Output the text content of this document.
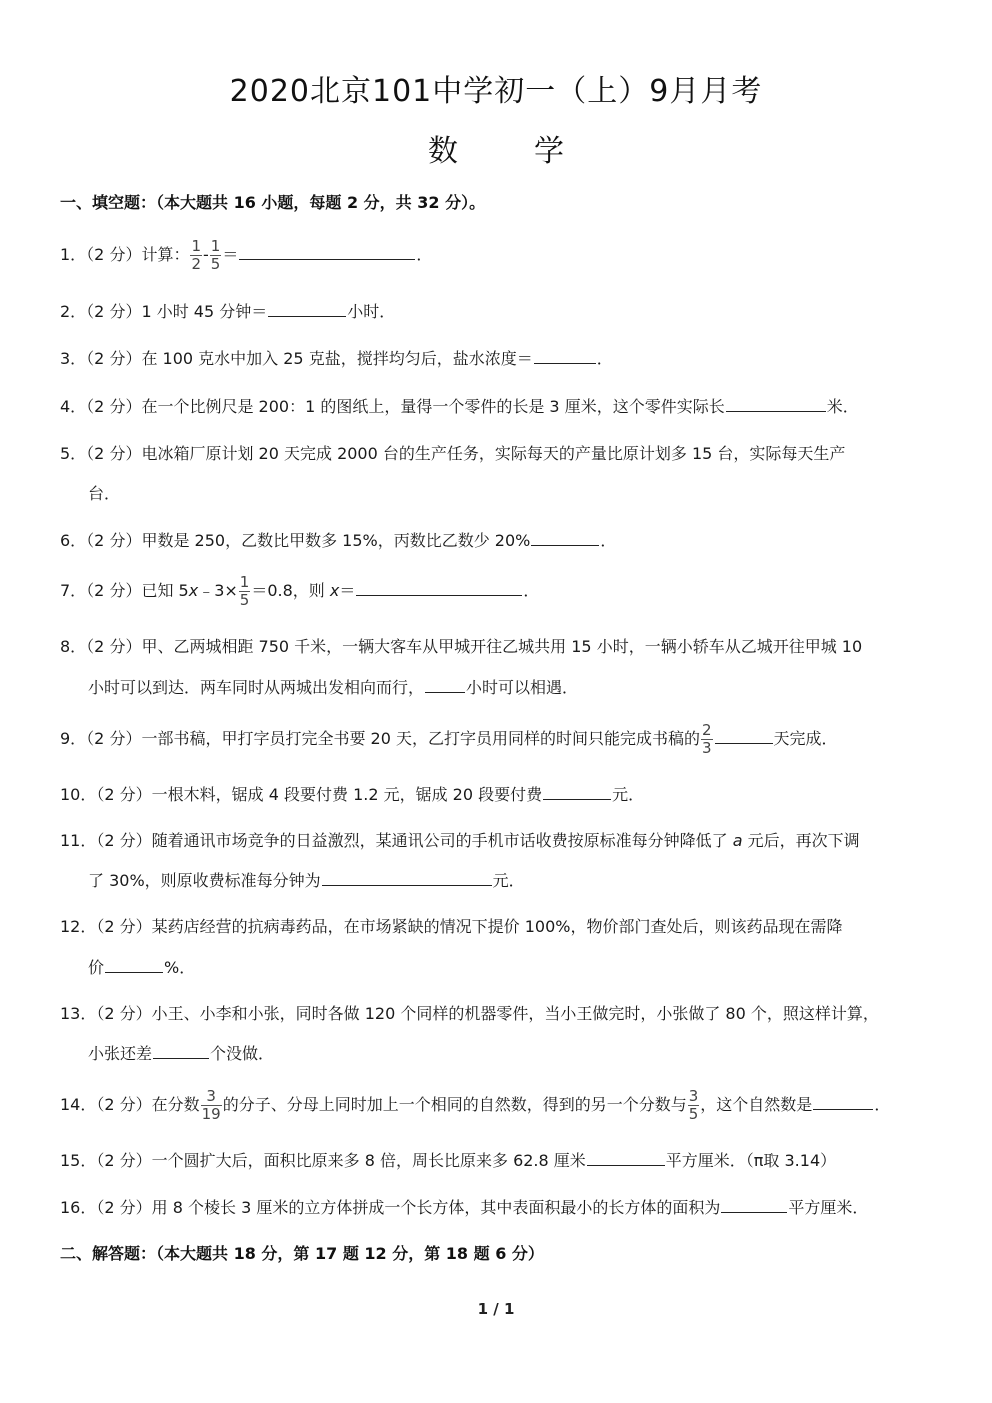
2020北京101中学初一（上）9月月考
数	学
一、填空题：（本大题共 16 小题，每题 2 分，共 32 分）。
1．（2 分）计算： $\frac{1}{2} - \frac{1}{5}$ ＝	．
2．（2 分）1 小时 45 分钟＝	小时．
3．（2 分）在 100 克水中加入 25 克盐，搅拌均匀后，盐水浓度＝	．
4．（2 分）在一个比例尺是 200：1 的图纸上，量得一个零件的长是 3 厘米，这个零件实际长	米．
5．（2 分）电冰箱厂原计划 20 天完成 2000 台的生产任务，实际每天的产量比原计划多 15 台，实际每天生产
台．
6．（2 分）甲数是 250，乙数比甲数多 15%，丙数比乙数少 20%	．
7．（2 分）已知 5x﹣3× $\frac{1}{5} =0.8$，则 x＝	．
8．（2 分）甲、乙两城相距 750 千米，一辆大客车从甲城开往乙城共用 15 小时，一辆小轿车从乙城开往甲城 10
小时可以到达．两车同时从两城出发相向而行，	小时可以相遇．
9．（2 分）一部书稿，甲打字员打完全书要 20 天，乙打字员用同样的时间只能完成书稿的 $\frac{2}{3}$	天完成．
10．（2 分）一根木料，锯成 4 段要付费 1.2 元，锯成 20 段要付费	元．
11．（2 分）随着通讯市场竞争的日益激烈，某通讯公司的手机市话收费按原标准每分钟降低了 a 元后，再次下调
了 30%，则原收费标准每分钟为	元．
12．（2 分）某药店经营的抗病毒药品，在市场紧缺的情况下提价 100%，物价部门查处后，则该药品现在需降
价	%．
13．（2 分）小王、小李和小张，同时各做 120 个同样的机器零件，当小王做完时，小张做了 80 个，照这样计算，
小张还差	个没做．
14．（2 分）在分数 $\frac{3}{19}$ 的分子、分母上同时加上一个相同的自然数，得到的另一个分数与 $\frac{3}{5}$ ，这个自然数是	．
15．（2 分）一个圆扩大后，面积比原来多 8 倍，周长比原来多 62.8 厘米	平方厘米．（π取 3.14）
16．（2 分）用 8 个棱长 3 厘米的立方体拼成一个长方体，其中表面积最小的长方体的面积为	平方厘米．
二、解答题：（本大题共 18 分，第 17 题 12 分，第 18 题 6 分）
1 / 1
